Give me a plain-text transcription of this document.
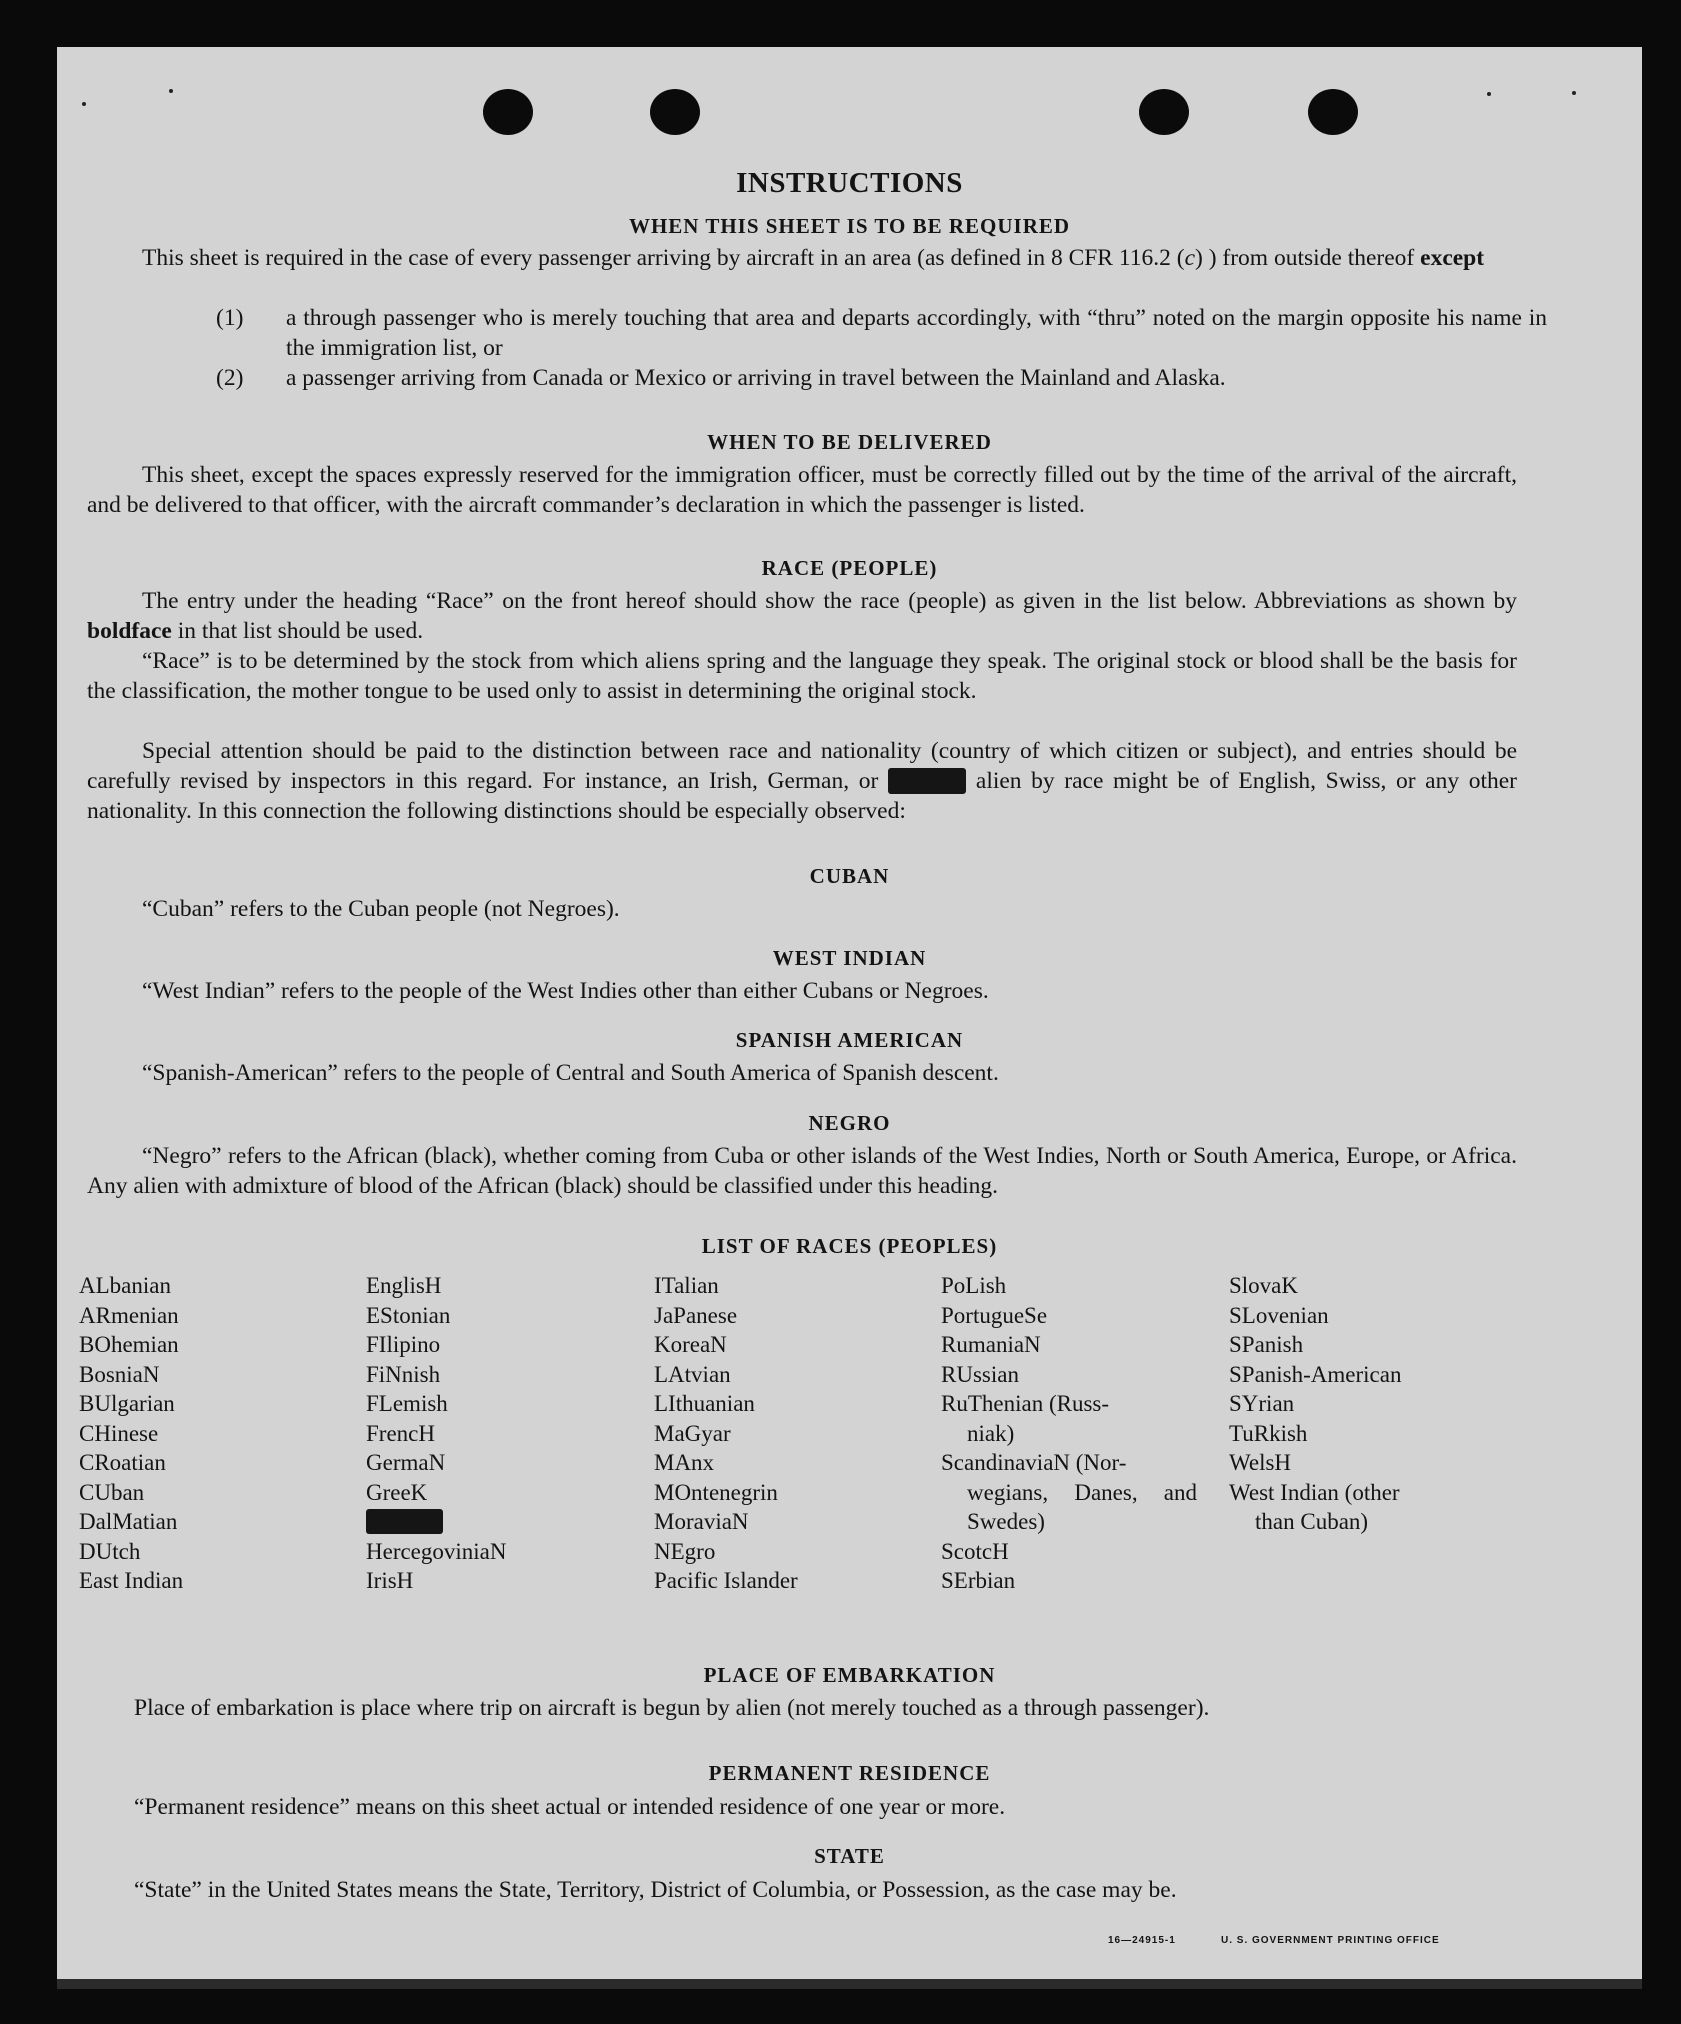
INSTRUCTIONS
WHEN THIS SHEET IS TO BE REQUIRED

This sheet is required in the case of every passenger arriving by aircraft in an area (as defined in 8 CFR 116.2 (c) ) from outside thereof except

(1)	a through passenger who is merely touching that area and departs accordingly, with “thru” noted on the margin opposite his name in the immigration list, or
(2)	a passenger arriving from Canada or Mexico or arriving in travel between the Mainland and Alaska.
WHEN TO BE DELIVERED

This sheet, except the spaces expressly reserved for the immigration officer, must be correctly filled out by the time of the arrival of the aircraft, and be delivered to that officer, with the aircraft commander’s declaration in which the passenger is listed.

RACE (PEOPLE)

The entry under the heading “Race” on the front hereof should show the race (people) as given in the list below. Abbreviations as shown by boldface in that list should be used.

“Race” is to be determined by the stock from which aliens spring and the language they speak. The original stock or blood shall be the basis for the classification, the mother tongue to be used only to assist in determining the original stock.

Special attention should be paid to the distinction between race and nationality (country of which citizen or subject), and entries should be carefully revised by inspectors in this regard. For instance, an Irish, German, or	alien by race might be of English, Swiss, or any other nationality. In this connection the following distinctions should be especially observed:

CUBAN

“Cuban” refers to the Cuban people (not Negroes).

WEST INDIAN

“West Indian” refers to the people of the West Indies other than either Cubans or Negroes.

SPANISH AMERICAN

“Spanish-American” refers to the people of Central and South America of Spanish descent.

NEGRO

“Negro” refers to the African (black), whether coming from Cuba or other islands of the West Indies, North or South America, Europe, or Africa. Any alien with admixture of blood of the African (black) should be classified under this heading.

LIST OF RACES (PEOPLES)
ALbanian
ARmenian
BOhemian
BosniaN
BUlgarian
CHinese
CRoatian
CUban
DalMatian
DUtch
East Indian
EnglisH
EStonian
FIlipino
FiNnish
FLemish
FrencH
GermaN
GreeK
HercegoviniaN
IrisH
ITalian
JaPanese
KoreaN
LAtvian
LIthuanian
MaGyar
MAnx
MOntenegrin
MoraviaN
NEgro
Pacific Islander
PoLish
PortugueSe
RumaniaN
RUssian
RuThenian (Russ-
niak)
ScandinaviaN (Nor-
wegians, Danes, and Swedes)
ScotcH
SErbian
SlovaK
SLovenian
SPanish
SPanish-American
SYrian
TuRkish
WelsH
West Indian (other
than Cuban)
PLACE OF EMBARKATION

Place of embarkation is place where trip on aircraft is begun by alien (not merely touched as a through passenger).

PERMANENT RESIDENCE

“Permanent residence” means on this sheet actual or intended residence of one year or more.

STATE

“State” in the United States means the State, Territory, District of Columbia, or Possession, as the case may be.

16—24915-1	U. S. GOVERNMENT PRINTING OFFICE
